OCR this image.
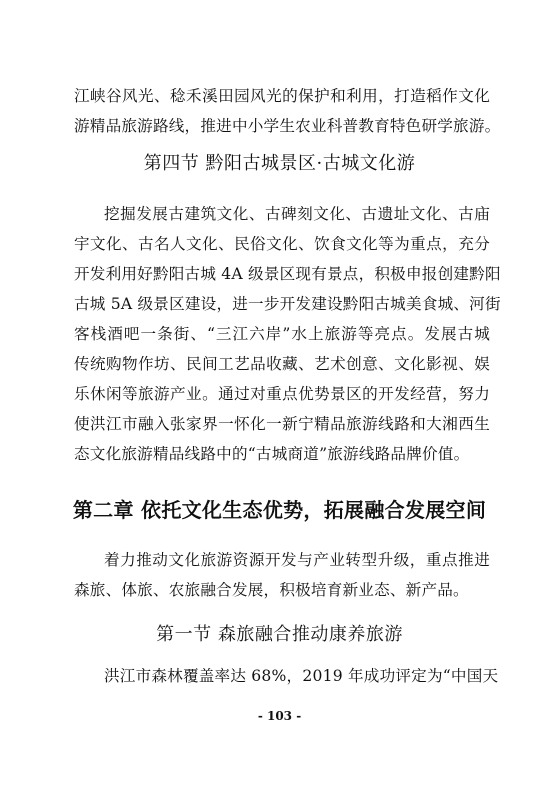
江峡谷风光、稔禾溪田园风光的保护和利用，打造稻作文化
游精品旅游路线，推进中小学生农业科普教育特色研学旅游。

第四节 黔阳古城景区·古城文化游

挖掘发展古建筑文化、古碑刻文化、古遗址文化、古庙
宇文化、古名人文化、民俗文化、饮食文化等为重点，充分
开发利用好黔阳古城 4A 级景区现有景点，积极申报创建黔阳
古城 5A 级景区建设，进一步开发建设黔阳古城美食城、河街
客栈酒吧一条街、“三江六岸”水上旅游等亮点。发展古城
传统购物作坊、民间工艺品收藏、艺术创意、文化影视、娱
乐休闲等旅游产业。通过对重点优势景区的开发经营，努力
使洪江市融入张家界一怀化一新宁精品旅游线路和大湘西生
态文化旅游精品线路中的“古城商道”旅游线路品牌价值。

第二章 依托文化生态优势，拓展融合发展空间

着力推动文化旅游资源开发与产业转型升级，重点推进
森旅、体旅、农旅融合发展，积极培育新业态、新产品。

第一节 森旅融合推动康养旅游

洪江市森林覆盖率达 68%，2019 年成功评定为“中国天

- 103 -
